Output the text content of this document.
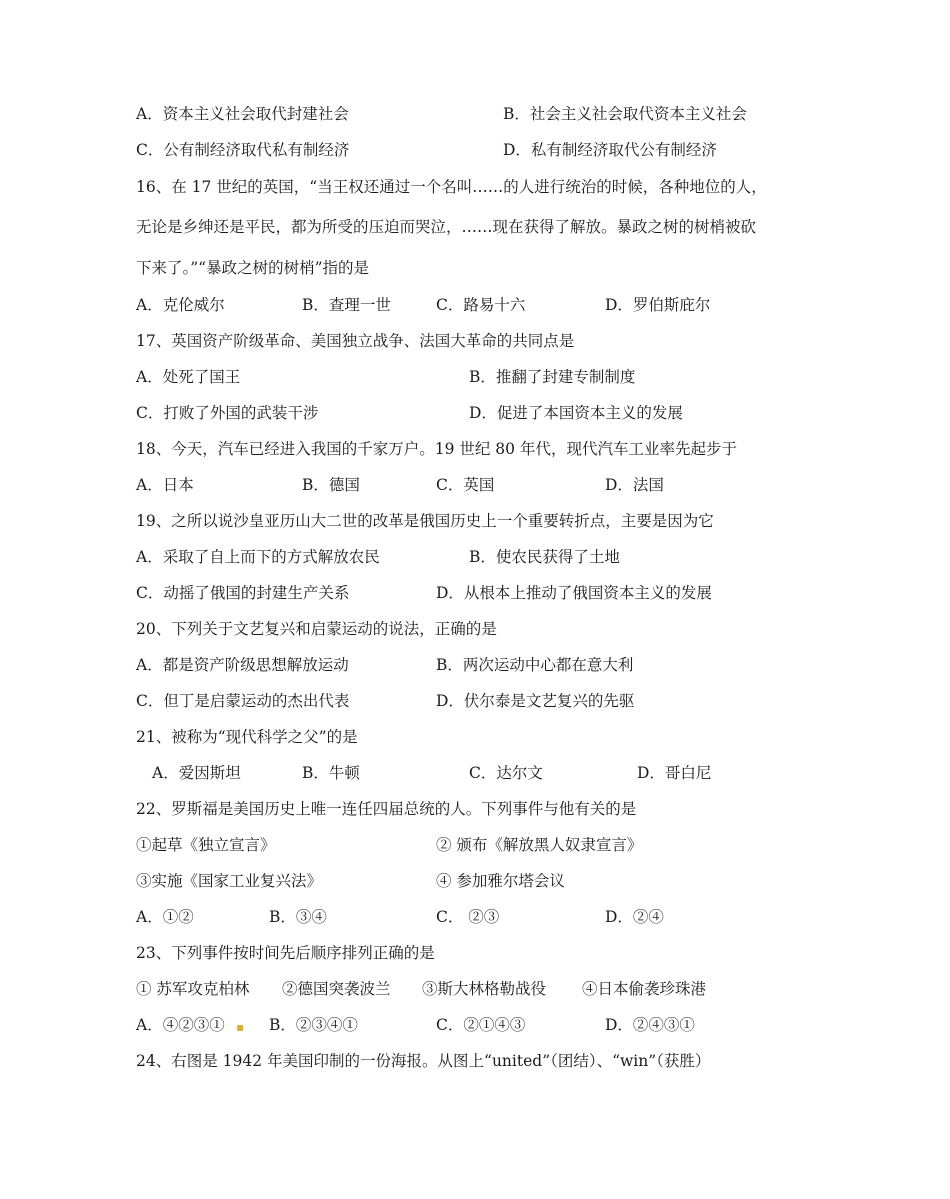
A．资本主义社会取代封建社会	B．社会主义社会取代资本主义社会
C．公有制经济取代私有制经济	D．私有制经济取代公有制经济
16、在 17 世纪的英国，“当王权还通过一个名叫……的人进行统治的时候，各种地位的人，
无论是乡绅还是平民，都为所受的压迫而哭泣，……现在获得了解放。暴政之树的树梢被砍
下来了。”“暴政之树的树梢”指的是
A．克伦威尔	B．查理一世	C．路易十六	D．罗伯斯庇尔
17、英国资产阶级革命、美国独立战争、法国大革命的共同点是
A．处死了国王	B．推翻了封建专制制度
C．打败了外国的武装干涉	D．促进了本国资本主义的发展
18、今天，汽车已经进入我国的千家万户。19 世纪 80 年代，现代汽车工业率先起步于
A．日本	B．德国	C．英国	D．法国
19、之所以说沙皇亚历山大二世的改革是俄国历史上一个重要转折点，主要是因为它
A．采取了自上而下的方式解放农民	B．使农民获得了土地
C．动摇了俄国的封建生产关系	D．从根本上推动了俄国资本主义的发展
20、下列关于文艺复兴和启蒙运动的说法，正确的是
A．都是资产阶级思想解放运动	B．两次运动中心都在意大利
C．但丁是启蒙运动的杰出代表	D．伏尔泰是文艺复兴的先驱
21、被称为“现代科学之父”的是
A．爱因斯坦	B．牛顿	C．达尔文	D．哥白尼
22、罗斯福是美国历史上唯一连任四届总统的人。下列事件与他有关的是
①起草《独立宣言》	② 颁布《解放黑人奴隶宣言》
③实施《国家工业复兴法》	④ 参加雅尔塔会议
A．①②	B．③④	C． ②③	D．②④
23、下列事件按时间先后顺序排列正确的是
① 苏军攻克柏林 ②德国突袭波兰 ③斯大林格勒战役 ④日本偷袭珍珠港
A．④②③① ▪ B．②③④①	C．②①④③	D．②④③①
24、右图是 1942 年美国印制的一份海报。从图上“united”（团结）、“win”（获胜）
